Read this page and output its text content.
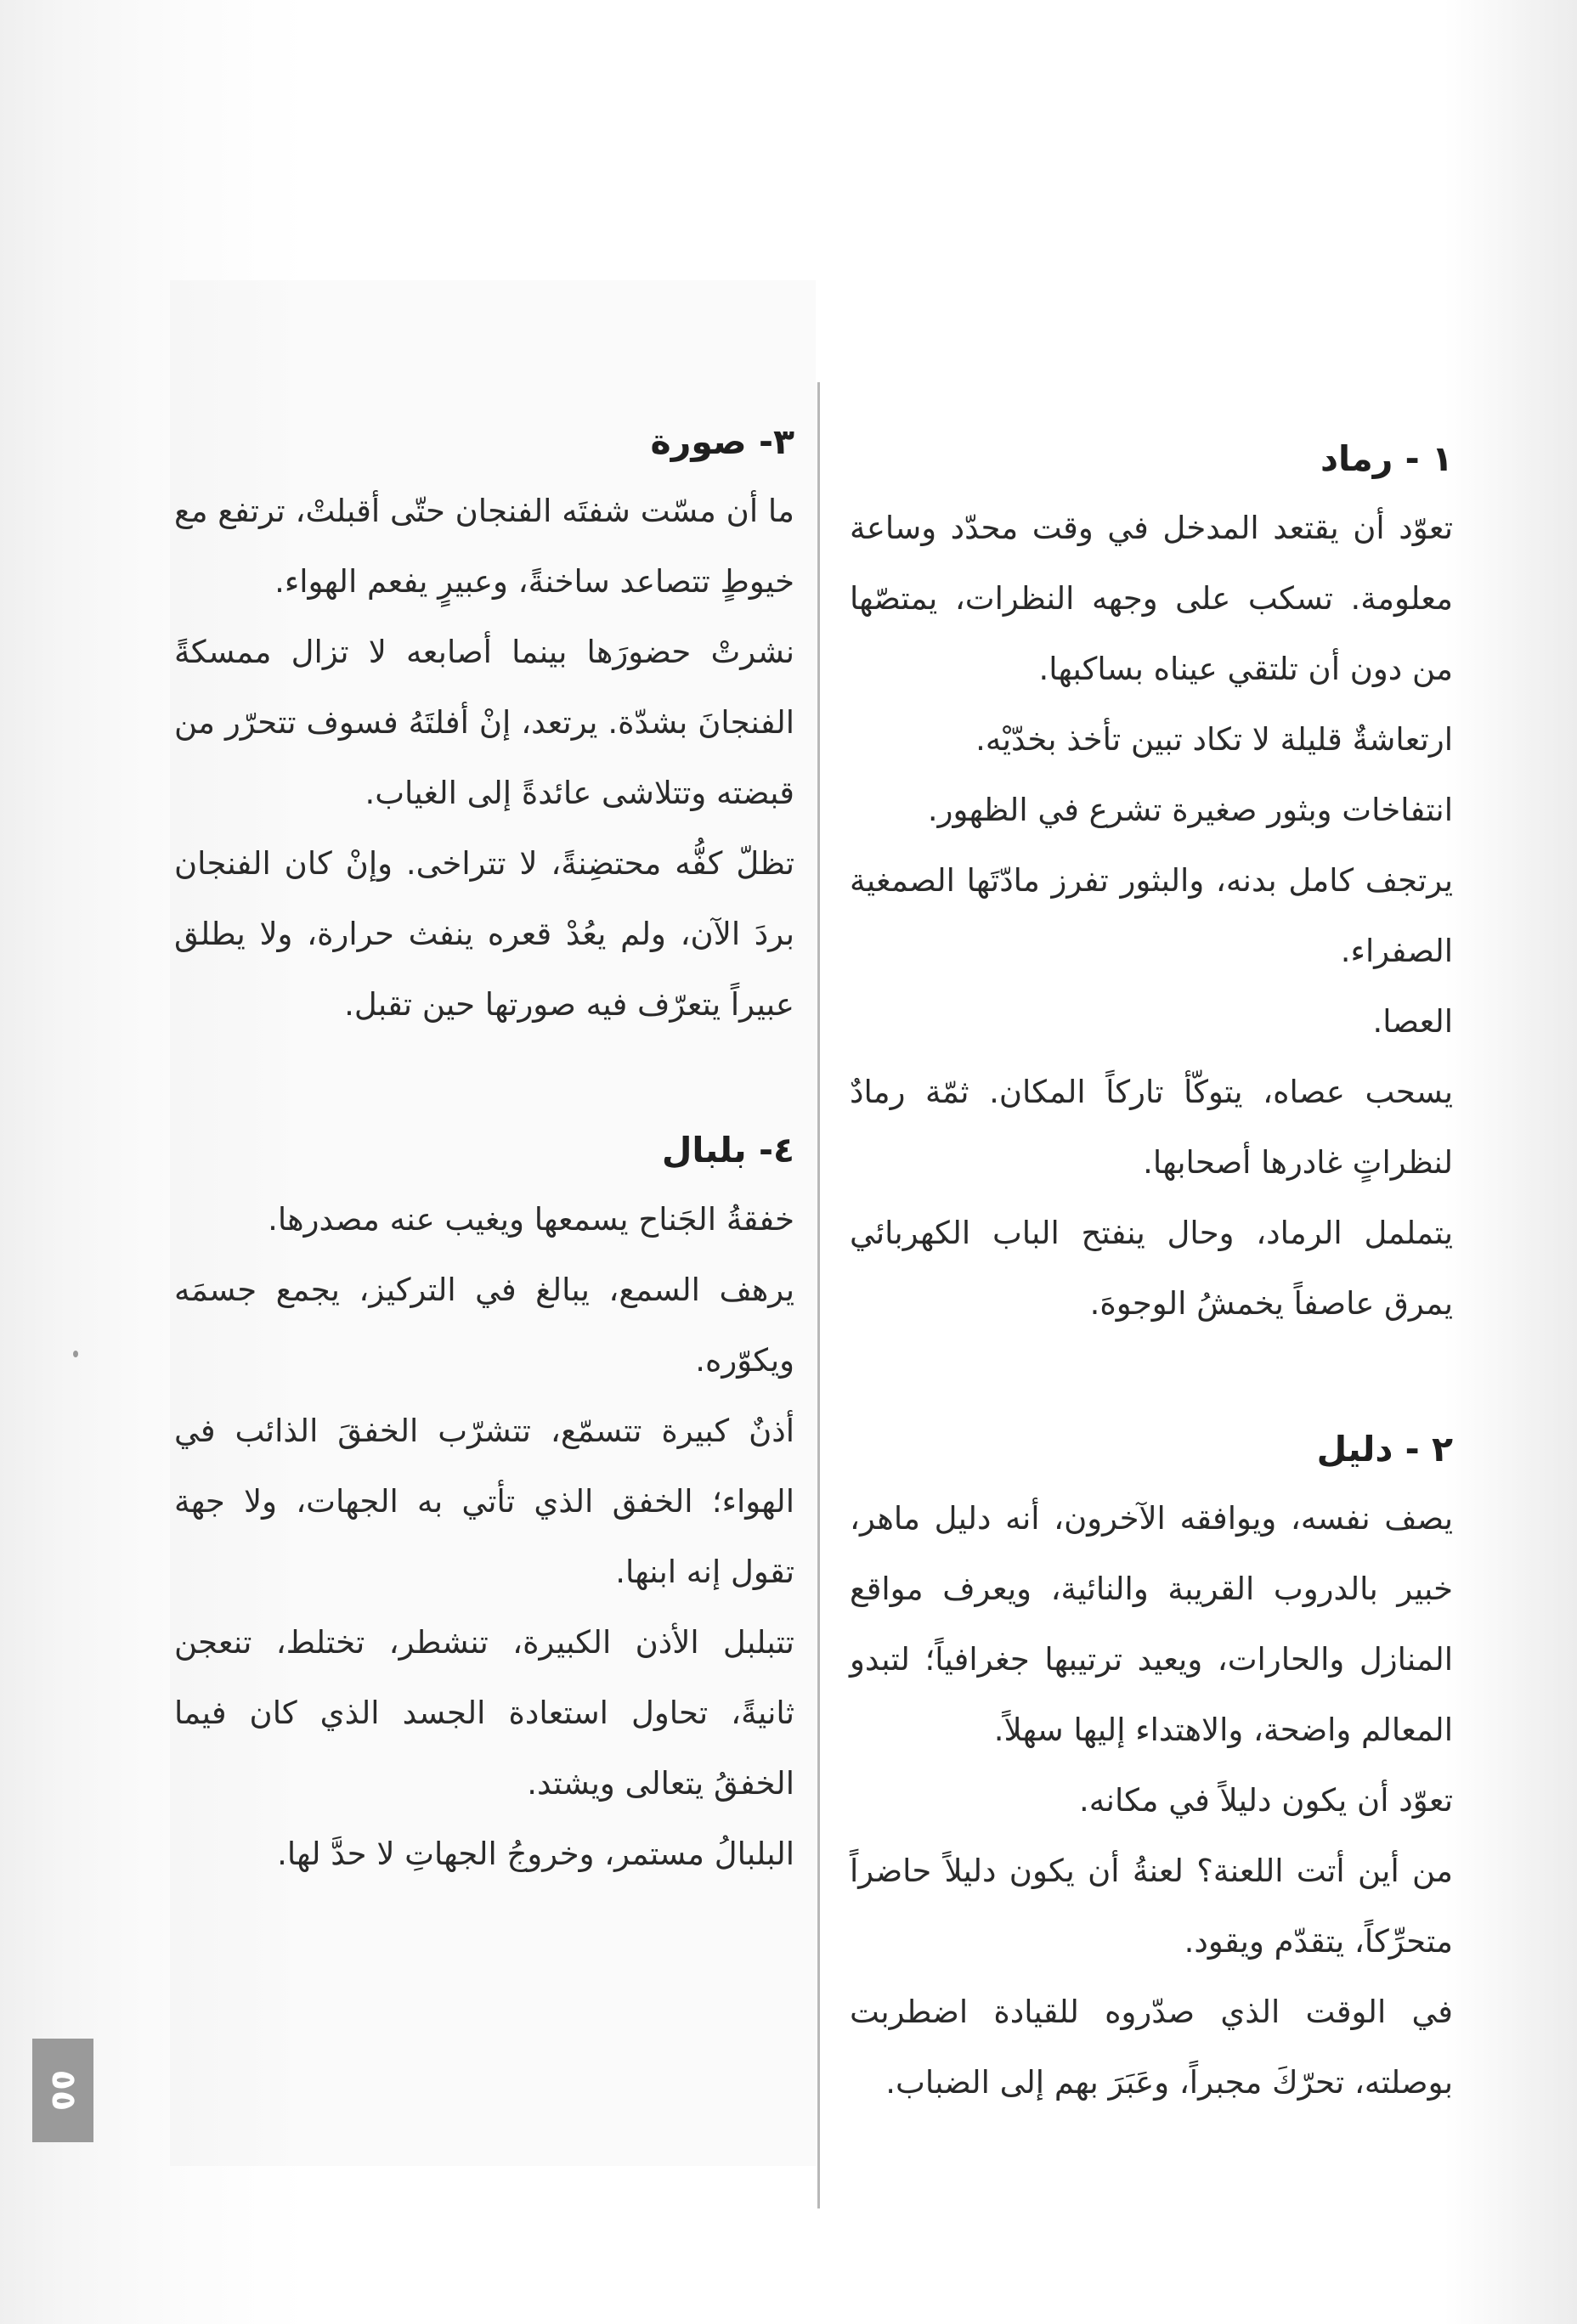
١ - رماد

تعوّد أن يقتعد المدخل في وقت محدّد وساعة معلومة. تسكب على وجهه النظرات، يمتصّها من دون أن تلتقي عيناه بساكبها.

ارتعاشةٌ قليلة لا تكاد تبين تأخذ بخدّيْه.

انتفاخات وبثور صغيرة تشرع في الظهور.

يرتجف كامل بدنه، والبثور تفرز مادّتَها الصمغية الصفراء.

العصا.

يسحب عصاه، يتوكّأ تاركاً المكان. ثمّة رمادٌ لنظراتٍ غادرها أصحابها.

يتململ الرماد، وحال ينفتح الباب الكهربائي يمرق عاصفاً يخمشُ الوجوهَ.

٢ - دليل

يصف نفسه، ويوافقه الآخرون، أنه دليل ماهر، خبير بالدروب القريبة والنائية، ويعرف مواقع المنازل والحارات، ويعيد ترتيبها جغرافياً؛ لتبدو المعالم واضحة، والاهتداء إليها سهلاً.

تعوّد أن يكون دليلاً في مكانه.

من أين أتت اللعنة؟ لعنةُ أن يكون دليلاً حاضراً متحرِّكاً، يتقدّم ويقود.

في الوقت الذي صدّروه للقيادة اضطربت بوصلته، تحرّكَ مجبراً، وعَبَرَ بهم إلى الضباب.

٣- صورة

ما أن مسّت شفتَه الفنجان حتّى أقبلتْ، ترتفع مع خيوطٍ تتصاعد ساخنةً، وعبيرٍ يفعم الهواء.

نشرتْ حضورَها بينما أصابعه لا تزال ممسكةً الفنجانَ بشدّة. يرتعد، إنْ أفلتَهُ فسوف تتحرّر من قبضته وتتلاشى عائدةً إلى الغياب.

تظلّ كفُّه محتضِنةً، لا تتراخى. وإنْ كان الفنجان بردَ الآن، ولم يعُدْ قعره ينفث حرارة، ولا يطلق عبيراً يتعرّف فيه صورتها حين تقبل.

٤- بلبال

خفقةُ الجَناح يسمعها ويغيب عنه مصدرها.

يرهف السمع، يبالغ في التركيز، يجمع جسمَه ويكوّره.

أذنٌ كبيرة تتسمّع، تتشرّب الخفقَ الذائب في الهواء؛ الخفق الذي تأتي به الجهات، ولا جهة تقول إنه ابنها.

تتبلبل الأذن الكبيرة، تنشطر، تختلط، تنعجن ثانيةً، تحاول استعادة الجسد الذي كان فيما الخفقُ يتعالى ويشتد.

البلبالُ مستمر، وخروجُ الجهاتِ لا حدَّ لها.

٥٥
